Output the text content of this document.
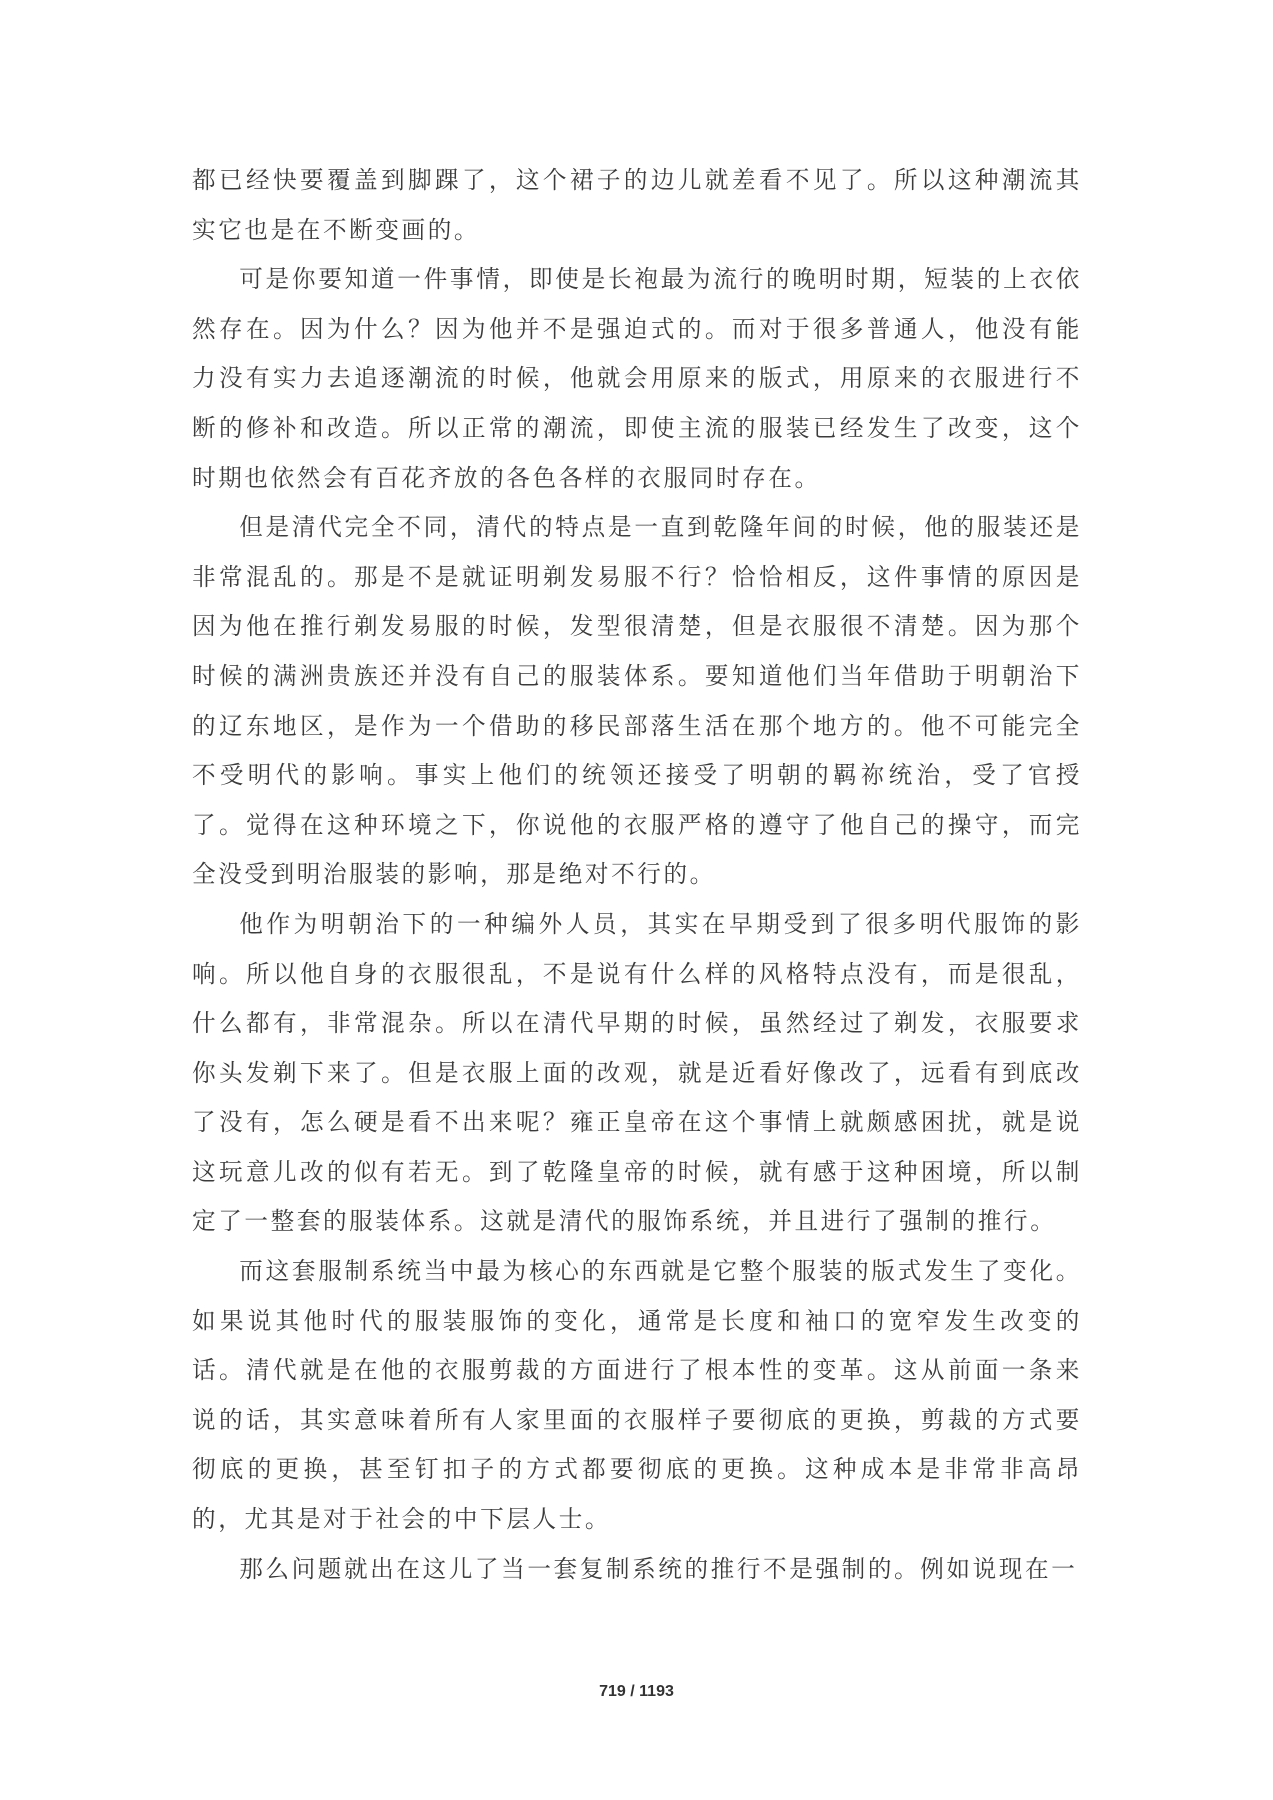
都已经快要覆盖到脚踝了，这个裙子的边儿就差看不见了。所以这种潮流其实它也是在不断变画的。

可是你要知道一件事情，即使是长袍最为流行的晚明时期，短装的上衣依然存在。因为什么？因为他并不是强迫式的。而对于很多普通人，他没有能力没有实力去追逐潮流的时候，他就会用原来的版式，用原来的衣服进行不断的修补和改造。所以正常的潮流，即使主流的服装已经发生了改变，这个时期也依然会有百花齐放的各色各样的衣服同时存在。

但是清代完全不同，清代的特点是一直到乾隆年间的时候，他的服装还是非常混乱的。那是不是就证明剃发易服不行？恰恰相反，这件事情的原因是因为他在推行剃发易服的时候，发型很清楚，但是衣服很不清楚。因为那个时候的满洲贵族还并没有自己的服装体系。要知道他们当年借助于明朝治下的辽东地区，是作为一个借助的移民部落生活在那个地方的。他不可能完全不受明代的影响。事实上他们的统领还接受了明朝的羁祢统治，受了官授了。觉得在这种环境之下，你说他的衣服严格的遵守了他自己的操守，而完全没受到明治服装的影响，那是绝对不行的。

他作为明朝治下的一种编外人员，其实在早期受到了很多明代服饰的影响。所以他自身的衣服很乱，不是说有什么样的风格特点没有，而是很乱，什么都有，非常混杂。所以在清代早期的时候，虽然经过了剃发，衣服要求你头发剃下来了。但是衣服上面的改观，就是近看好像改了，远看有到底改了没有，怎么硬是看不出来呢？雍正皇帝在这个事情上就颇感困扰，就是说这玩意儿改的似有若无。到了乾隆皇帝的时候，就有感于这种困境，所以制定了一整套的服装体系。这就是清代的服饰系统，并且进行了强制的推行。

而这套服制系统当中最为核心的东西就是它整个服装的版式发生了变化。如果说其他时代的服装服饰的变化，通常是长度和袖口的宽窄发生改变的话。清代就是在他的衣服剪裁的方面进行了根本性的变革。这从前面一条来说的话，其实意味着所有人家里面的衣服样子要彻底的更换，剪裁的方式要彻底的更换，甚至钉扣子的方式都要彻底的更换。这种成本是非常非高昂的，尤其是对于社会的中下层人士。

那么问题就出在这儿了当一套复制系统的推行不是强制的。例如说现在一

719 / 1193
